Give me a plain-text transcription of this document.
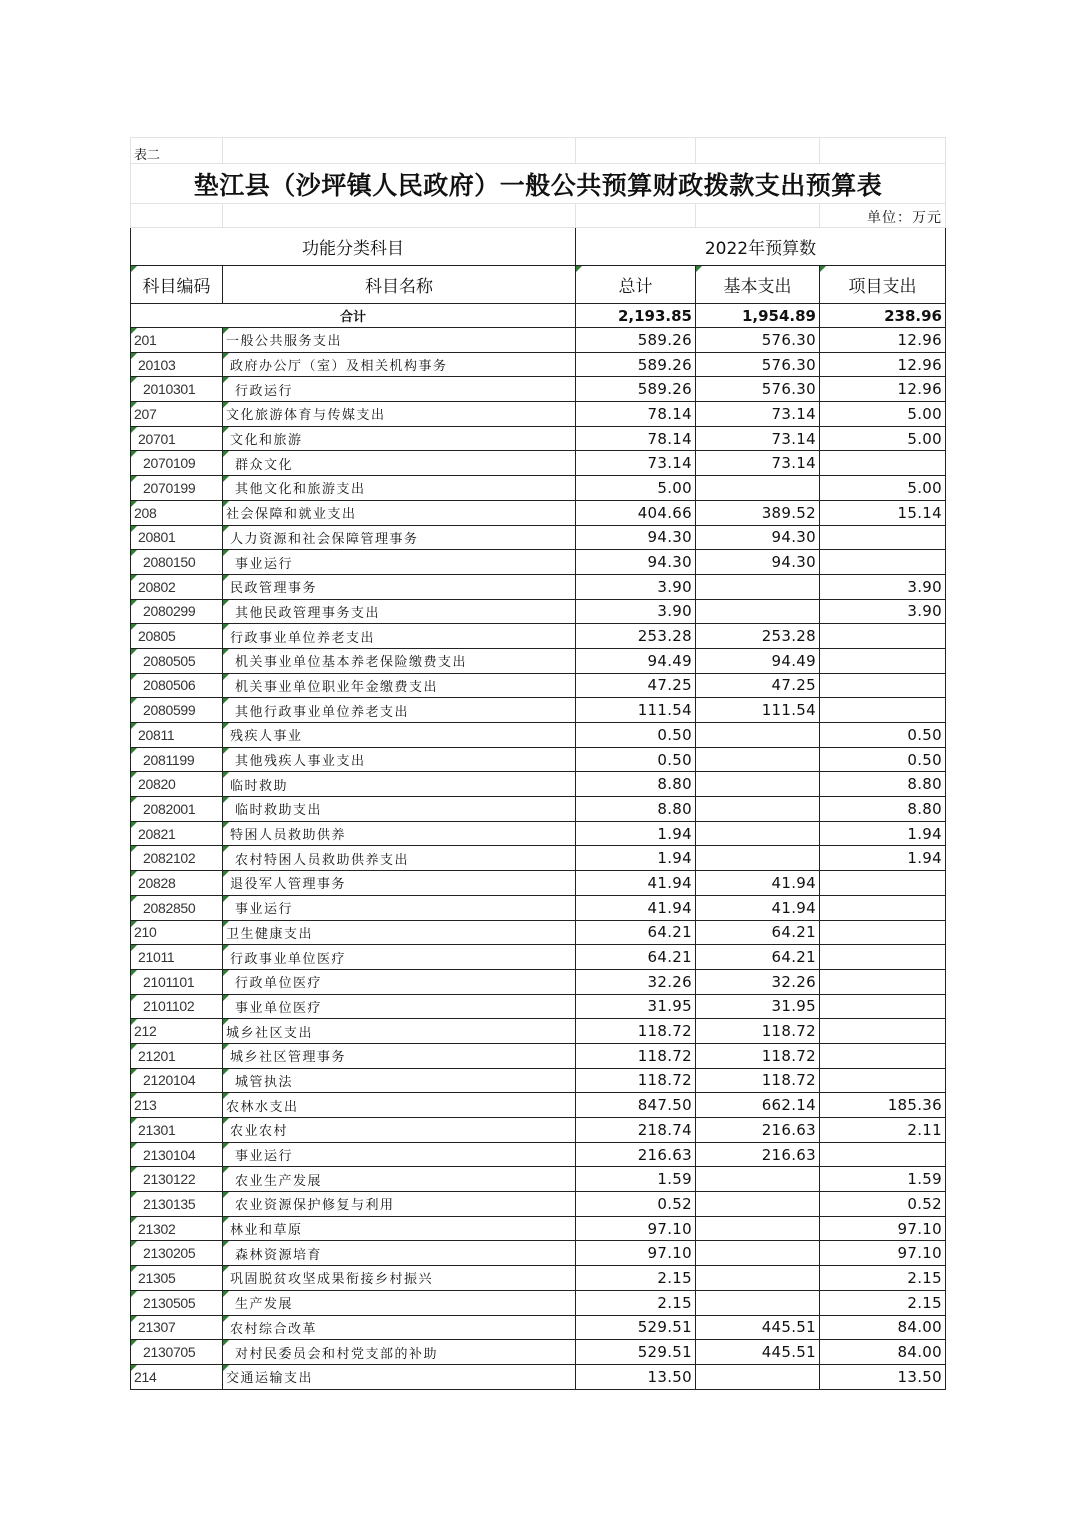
表二				
垫江县（沙坪镇人民政府）一般公共预算财政拨款支出预算表				
				单位：万元
功能分类科目		2022年预算数		
科目编码	科目名称	总计	基本支出	项目支出
合计		2,193.85	1,954.89	238.96
201	一般公共服务支出	589.26	576.30	12.96
20103	政府办公厅（室）及相关机构事务	589.26	576.30	12.96
2010301	行政运行	589.26	576.30	12.96
207	文化旅游体育与传媒支出	78.14	73.14	5.00
20701	文化和旅游	78.14	73.14	5.00
2070109	群众文化	73.14	73.14	
2070199	其他文化和旅游支出	5.00		5.00
208	社会保障和就业支出	404.66	389.52	15.14
20801	人力资源和社会保障管理事务	94.30	94.30	
2080150	事业运行	94.30	94.30	
20802	民政管理事务	3.90		3.90
2080299	其他民政管理事务支出	3.90		3.90
20805	行政事业单位养老支出	253.28	253.28	
2080505	机关事业单位基本养老保险缴费支出	94.49	94.49	
2080506	机关事业单位职业年金缴费支出	47.25	47.25	
2080599	其他行政事业单位养老支出	111.54	111.54	
20811	残疾人事业	0.50		0.50
2081199	其他残疾人事业支出	0.50		0.50
20820	临时救助	8.80		8.80
2082001	临时救助支出	8.80		8.80
20821	特困人员救助供养	1.94		1.94
2082102	农村特困人员救助供养支出	1.94		1.94
20828	退役军人管理事务	41.94	41.94	
2082850	事业运行	41.94	41.94	
210	卫生健康支出	64.21	64.21	
21011	行政事业单位医疗	64.21	64.21	
2101101	行政单位医疗	32.26	32.26	
2101102	事业单位医疗	31.95	31.95	
212	城乡社区支出	118.72	118.72	
21201	城乡社区管理事务	118.72	118.72	
2120104	城管执法	118.72	118.72	
213	农林水支出	847.50	662.14	185.36
21301	农业农村	218.74	216.63	2.11
2130104	事业运行	216.63	216.63	
2130122	农业生产发展	1.59		1.59
2130135	农业资源保护修复与利用	0.52		0.52
21302	林业和草原	97.10		97.10
2130205	森林资源培育	97.10		97.10
21305	巩固脱贫攻坚成果衔接乡村振兴	2.15		2.15
2130505	生产发展	2.15		2.15
21307	农村综合改革	529.51	445.51	84.00
2130705	对村民委员会和村党支部的补助	529.51	445.51	84.00
214	交通运输支出	13.50		13.50
